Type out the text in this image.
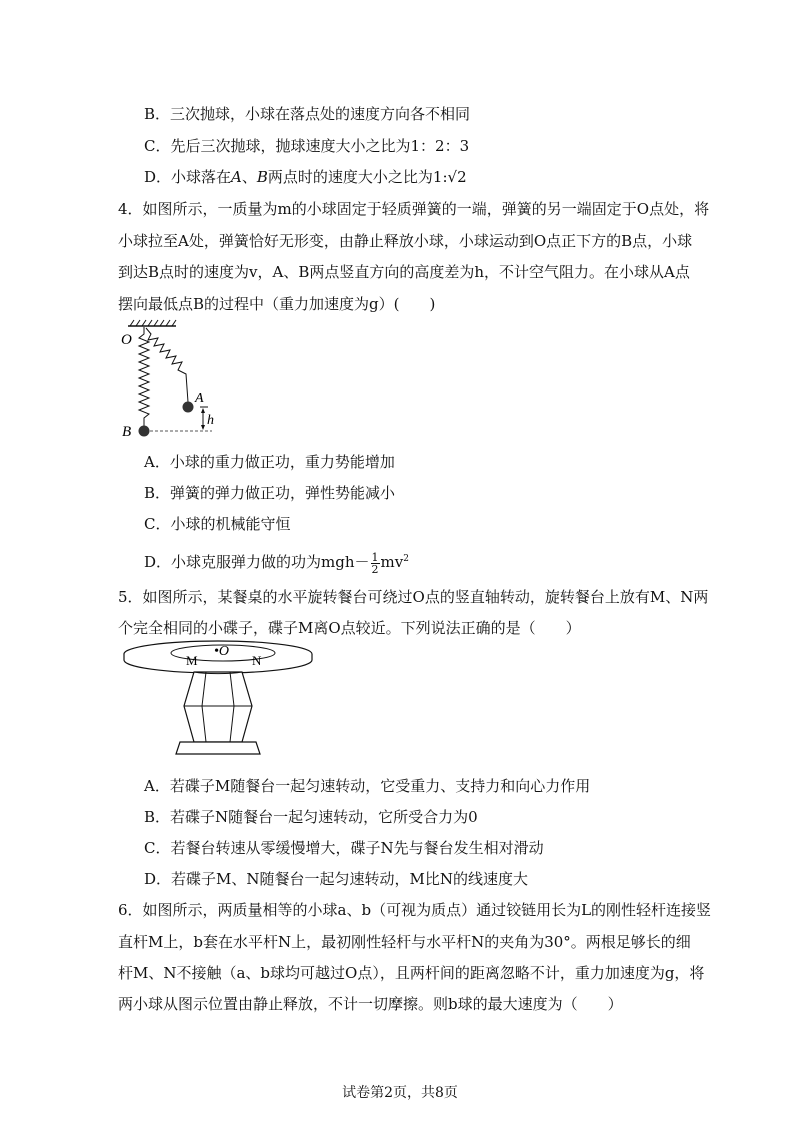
B．三次抛球，小球在落点处的速度方向各不相同
C．先后三次抛球，抛球速度大小之比为1：2：3
D．小球落在A、B两点时的速度大小之比为1:√2
4．如图所示，一质量为m的小球固定于轻质弹簧的一端，弹簧的另一端固定于O点处，将
小球拉至A处，弹簧恰好无形变，由静止释放小球，小球运动到O点正下方的B点，小球
到达B点时的速度为v，A、B两点竖直方向的高度差为h，不计空气阻力。在小球从A点
摆向最低点B的过程中（重力加速度为g）(　　)
O
A
h
B
A．小球的重力做正功，重力势能增加
B．弹簧的弹力做正功，弹性势能减小
C．小球的机械能守恒
D．小球克服弹力做的功为$mgh- \frac{1}{2} mv^2$
5．如图所示，某餐桌的水平旋转餐台可绕过O点的竖直轴转动，旋转餐台上放有M、N两
个完全相同的小碟子，碟子M离O点较近。下列说法正确的是（　　）
M
•O
N
A．若碟子M随餐台一起匀速转动，它受重力、支持力和向心力作用
B．若碟子N随餐台一起匀速转动，它所受合力为0
C．若餐台转速从零缓慢增大，碟子N先与餐台发生相对滑动
D．若碟子M、N随餐台一起匀速转动，M比N的线速度大
6．如图所示，两质量相等的小球a、b（可视为质点）通过铰链用长为L的刚性轻杆连接竖
直杆M上，b套在水平杆N上，最初刚性轻杆与水平杆N的夹角为30°。两根足够长的细
杆M、N不接触（a、b球均可越过O点），且两杆间的距离忽略不计，重力加速度为g，将
两小球从图示位置由静止释放，不计一切摩擦。则b球的最大速度为（　　）
试卷第2页，共8页
